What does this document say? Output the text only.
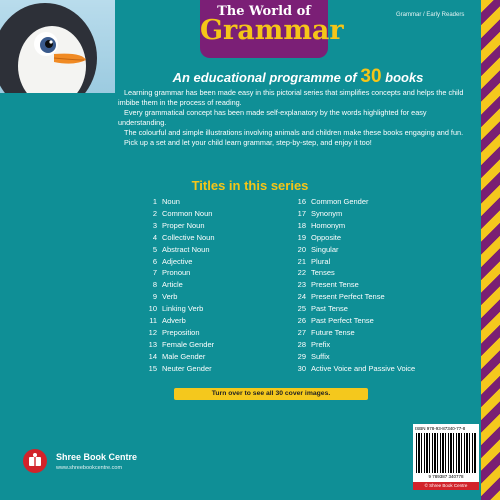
The World of
Grammar	Grammar / Early Readers
An educational programme of 30 books

Learning grammar has been made easy in this pictorial series that simplifies concepts and helps the child imbibe them in the process of reading.

Every grammatical concept has been made self-explanatory by the words highlighted for easy understanding.

The colourful and simple illustrations involving animals and children make these books engaging and fun.

Pick up a set and let your child learn grammar, step-by-step, and enjoy it too!

Titles in this series
1 Noun
2 Common Noun
3 Proper Noun
4 Collective Noun
5 Abstract Noun
6 Adjective
7 Pronoun
8 Article
9 Verb
10 Linking Verb
11 Adverb
12 Preposition
13 Female Gender
14 Male Gender
15 Neuter Gender
16 Common Gender
17 Synonym
18 Homonym
19 Opposite
20 Singular
21 Plural
22 Tenses
23 Present Tense
24 Present Perfect Tense
25 Past Tense
26 Past Perfect Tense
27 Future Tense
28 Prefix
29 Suffix
30 Active Voice and Passive Voice
Turn over to see all 30 cover images.
Shree Book Centre
www.shreebookcentre.com
ISBN 978-93-87340-77-8
9 789387 340778
© Shree Book Centre
